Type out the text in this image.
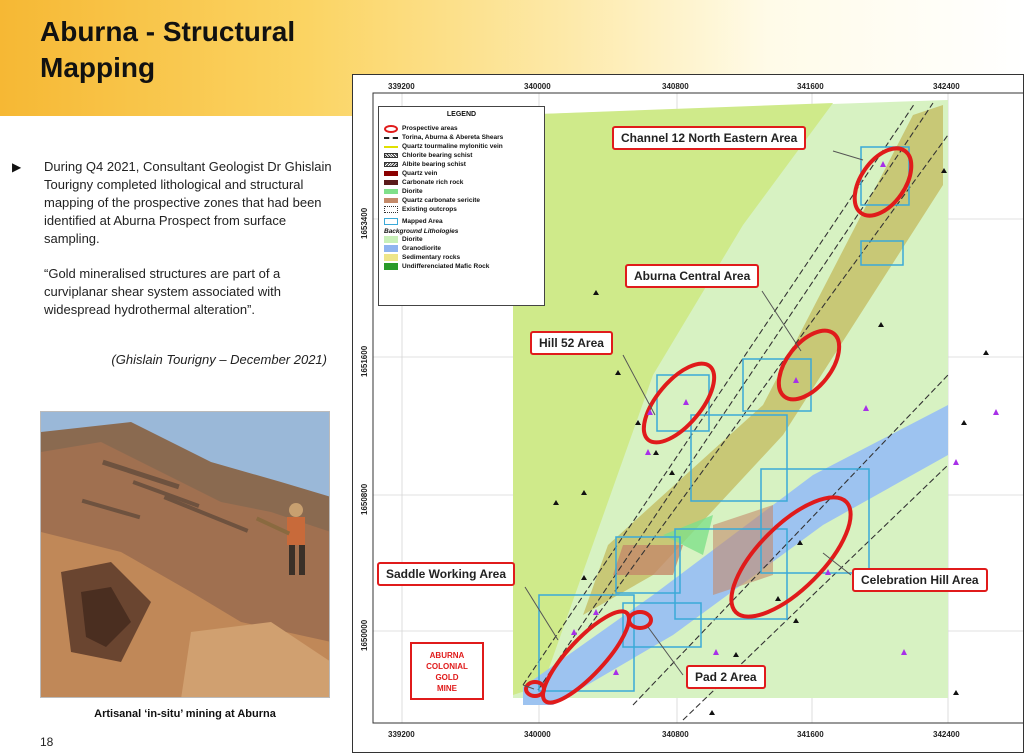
Aburna - Structural Mapping
▶ During Q4 2021, Consultant Geologist Dr Ghislain Tourigny completed lithological and structural mapping of the prospective zones that had been identified at Aburna Prospect from surface sampling.
“Gold mineralised structures are part of a curviplanar shear system associated with widespread hydrothermal alteration”.
(Ghislain Tourigny – December 2021)
Artisanal ‘in-situ’ mining at Aburna
18
339200	340000	340800	341600	342400
339200	340000	340800	341600	342400
1653400
1651600
1650800
1650000
LEGEND
Prospective areas
Torina, Aburna & Abereta Shears
Quartz tourmaline mylonitic vein
Chlorite bearing schist
Albite bearing schist
Quartz vein
Carbonate rich rock
Diorite
Quartz carbonate sericite
Existing outcrops
Mapped Area
Background Lithologies
Diorite
Granodiorite
Sedimentary rocks
Undifferenciated Mafic Rock
Channel 12 North Eastern Area
Aburna Central Area
Hill 52 Area
Saddle Working Area	Celebration Hill Area
Pad 2 Area
ABURNA
COLONIAL
GOLD
MINE
